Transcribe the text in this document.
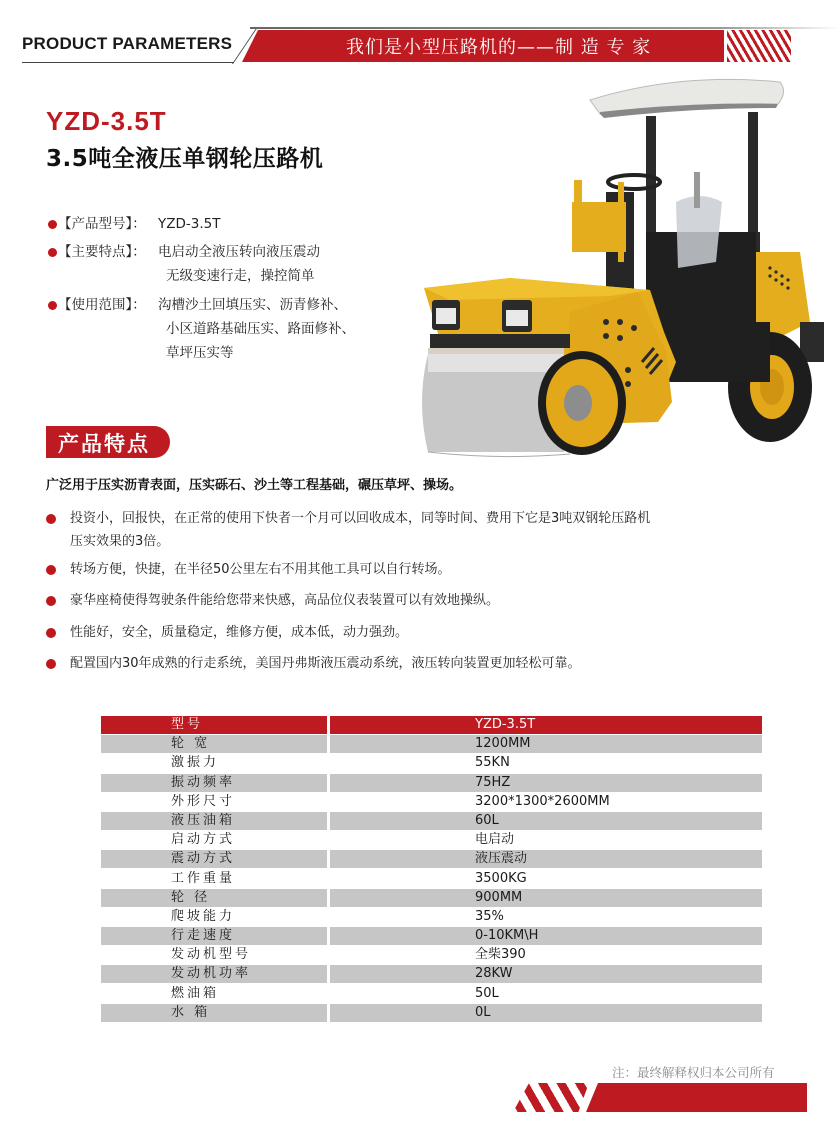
PRODUCT PARAMETERS	我们是小型压路机的——制 造 专 家
YZD-3.5T
3.5吨全液压单钢轮压路机
【产品型号】： YZD-3.5T
【主要特点】： 电启动全液压转向液压震动
无级变速行走，操控简单
【使用范围】： 沟槽沙土回填压实、沥青修补、
小区道路基础压实、路面修补、
草坪压实等
产品特点
广泛用于压实沥青表面，压实砾石、沙土等工程基础，碾压草坪、操场。
投资小，回报快，在正常的使用下快者一个月可以回收成本，同等时间、费用下它是3吨双钢轮压路机
压实效果的3倍。
转场方便，快捷，在半径50公里左右不用其他工具可以自行转场。
豪华座椅使得驾驶条件能给您带来快感，高品位仪表装置可以有效地操纵。
性能好，安全，质量稳定，维修方便，成本低，动力强劲。
配置国内30年成熟的行走系统，美国丹弗斯液压震动系统，液压转向装置更加轻松可靠。
型号	YZD-3.5T
轮 宽	1200MM
激振力	55KN
振动频率	75HZ
外形尺寸	3200*1300*2600MM
液压油箱	60L
启动方式	电启动
震动方式	液压震动
工作重量	3500KG
轮 径	900MM
爬坡能力	35%
行走速度	0-10KM\H
发动机型号	全柴390
发动机功率	28KW
燃油箱	50L
水 箱	0L
注：最终解释权归本公司所有
